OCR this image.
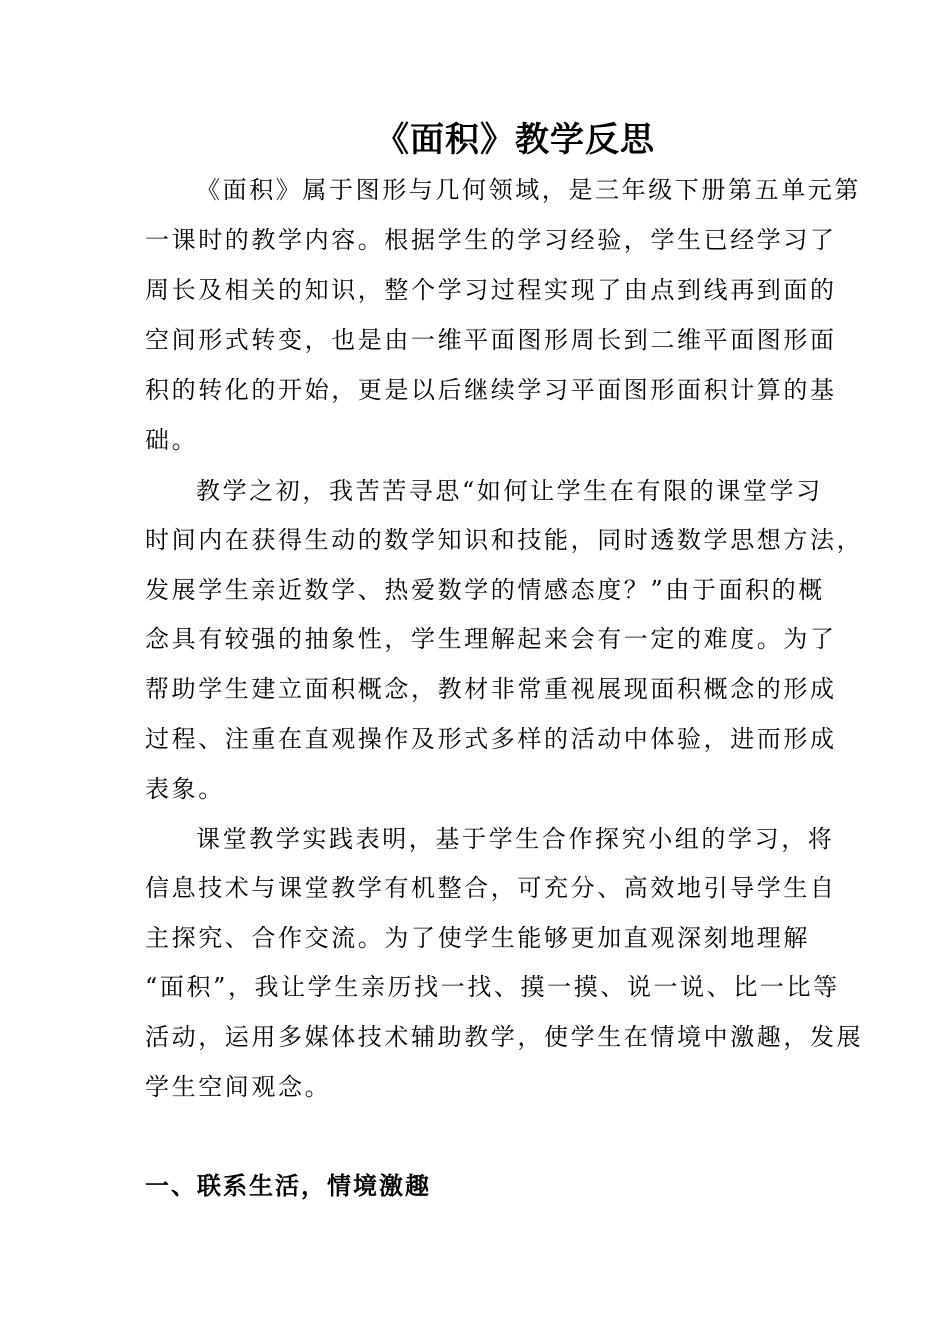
《面积》教学反思
《面积》属于图形与几何领域，是三年级下册第五单元第
一课时的教学内容。根据学生的学习经验，学生已经学习了
周长及相关的知识，整个学习过程实现了由点到线再到面的
空间形式转变，也是由一维平面图形周长到二维平面图形面
积的转化的开始，更是以后继续学习平面图形面积计算的基
础。
教学之初，我苦苦寻思“如何让学生在有限的课堂学习
时间内在获得生动的数学知识和技能，同时透数学思想方法，
发展学生亲近数学、热爱数学的情感态度？”由于面积的概
念具有较强的抽象性，学生理解起来会有一定的难度。为了
帮助学生建立面积概念，教材非常重视展现面积概念的形成
过程、注重在直观操作及形式多样的活动中体验，进而形成
表象。
课堂教学实践表明，基于学生合作探究小组的学习，将
信息技术与课堂教学有机整合，可充分、高效地引导学生自
主探究、合作交流。为了使学生能够更加直观深刻地理解
“面积”，我让学生亲历找一找、摸一摸、说一说、比一比等
活动，运用多媒体技术辅助教学，使学生在情境中激趣，发展
学生空间观念。
一、联系生活，情境激趣
